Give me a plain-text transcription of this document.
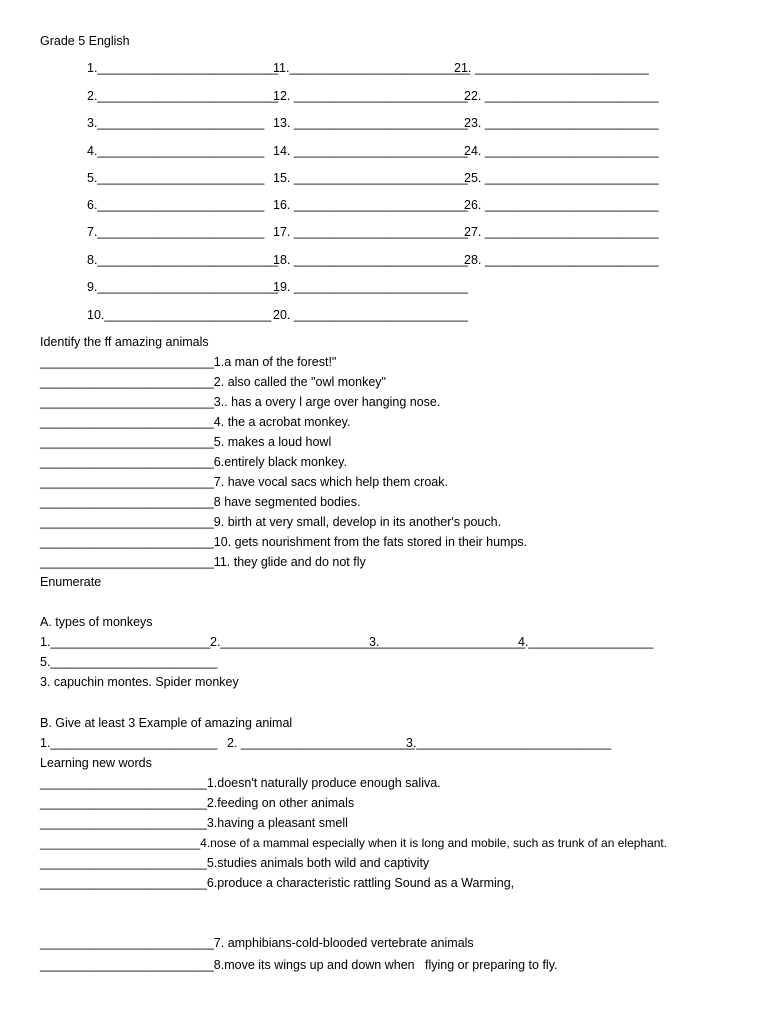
Grade 5 English
1.__________________________
2.__________________________
3.________________________
4.________________________
5.________________________
6.________________________
7.________________________
8.__________________________
9.__________________________
10.________________________
11.__________________________
12. _________________________
13. _________________________
14. _________________________
15. _________________________
16. _________________________
17. _________________________
18. _________________________
19. _________________________
20. _________________________
21. _________________________
22. _________________________
23. _________________________
24. _________________________
25. _________________________
26. _________________________
27. _________________________
28. _________________________
Identify the ff amazing animals
_________________________1.a man of the forest!"
_________________________2. also called the "owl monkey"
_________________________3.. has a overy l arge over hanging nose.
_________________________4. the a acrobat monkey.
_________________________5. makes a loud howl
_________________________6.entirely black monkey.
_________________________7. have vocal sacs which help them croak.
_________________________8 have segmented bodies.
_________________________9. birth at very small, develop in its another's pouch.
_________________________10. gets nourishment from the fats stored in their humps.
_________________________11. they glide and do not fly
Enumerate
A. types of monkeys
1._______________________ 2._______________________
3._____________________
4.__________________
5.________________________
3. capuchin montes. Spider monkey
B. Give at least 3 Example of amazing animal
1.________________________ 2. _________________________
3.____________________________
Learning new words
________________________1.doesn't naturally produce enough saliva.
________________________2.feeding on other animals
________________________3.having a pleasant smell
________________________4.nose of a mammal especially when it is long and mobile, such as trunk of an elephant.
________________________5.studies animals both wild and captivity
________________________6.produce a characteristic rattling Sound as a Warming,
_________________________7. amphibians-cold-blooded vertebrate animals
_________________________8.move its wings up and down when   flying or preparing to fly.
